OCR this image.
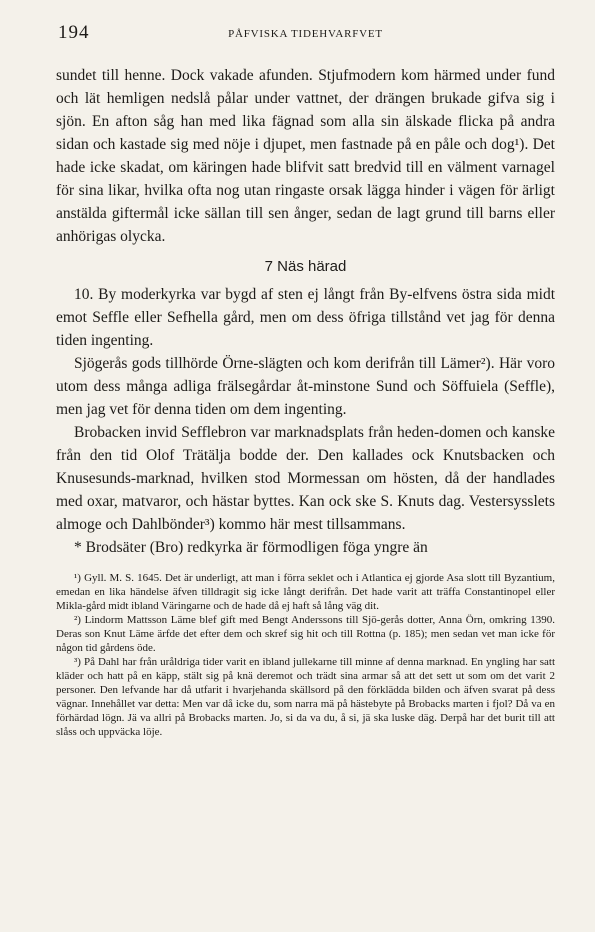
194	PÅFVISKA TIDEHVARFVET

sundet till henne. Dock vakade afunden. Stjufmodern kom härmed under fund och lät hemligen nedslå pålar under vattnet, der drängen brukade gifva sig i sjön. En afton såg han med lika fägnad som alla sin älskade flicka på andra sidan och kastade sig med nöje i djupet, men fastnade på en påle och dog¹). Det hade icke skadat, om käringen hade blifvit satt bredvid till en välment varnagel för sina likar, hvilka ofta nog utan ringaste orsak lägga hinder i vägen för ärligt anstälda giftermål icke sällan till sen ånger, sedan de lagt grund till barns eller anhörigas olycka.

7 Näs härad

10. By moderkyrka var bygd af sten ej långt från By-elfvens östra sida midt emot Seffle eller Sefhella gård, men om dess öfriga tillstånd vet jag för denna tiden ingenting.

Sjögerås gods tillhörde Örne-slägten och kom derifrån till Lämer²). Här voro utom dess många adliga frälsegårdar åt-minstone Sund och Söffuiela (Seffle), men jag vet för denna tiden om dem ingenting.

Brobacken invid Sefflebron var marknadsplats från heden-domen och kanske från den tid Olof Trätälja bodde der. Den kallades ock Knutsbacken och Knusesunds-marknad, hvilken stod Mormessan om hösten, då der handlades med oxar, matvaror, och hästar byttes. Kan ock ske S. Knuts dag. Vestersysslets almoge och Dahlbönder³) kommo här mest tillsammans.

* Brodsäter (Bro) redkyrka är förmodligen föga yngre än

¹) Gyll. M. S. 1645. Det är underligt, att man i förra seklet och i Atlantica ej gjorde Asa slott till Byzantium, emedan en lika händelse äfven tilldragit sig icke långt derifrån. Det hade varit att träffa Constantinopel eller Mikla-gård midt ibland Väringarne och de hade då ej haft så lång väg dit.

²) Lindorm Mattsson Läme blef gift med Bengt Anderssons till Sjö-gerås dotter, Anna Örn, omkring 1390. Deras son Knut Läme ärfde det efter dem och skref sig hit och till Rottna (p. 185); men sedan vet man icke för någon tid gårdens öde.

³) På Dahl har från uråldriga tider varit en ibland jullekarne till minne af denna marknad. En yngling har satt kläder och hatt på en käpp, stält sig på knä deremot och trädt sina armar så att det sett ut som om det varit 2 personer. Den lefvande har då utfarit i hvarjehanda skällsord på den förklädda bilden och äfven svarat på dess vägnar. Innehållet var detta: Men var då icke du, som narra mä på hästebyte på Brobacks marten i fjol? Då va en förhärdad lögn. Jä va allri på Brobacks marten. Jo, si da va du, å si, jä ska luske däg. Derpå har det burit till att slåss och uppväcka löje.
